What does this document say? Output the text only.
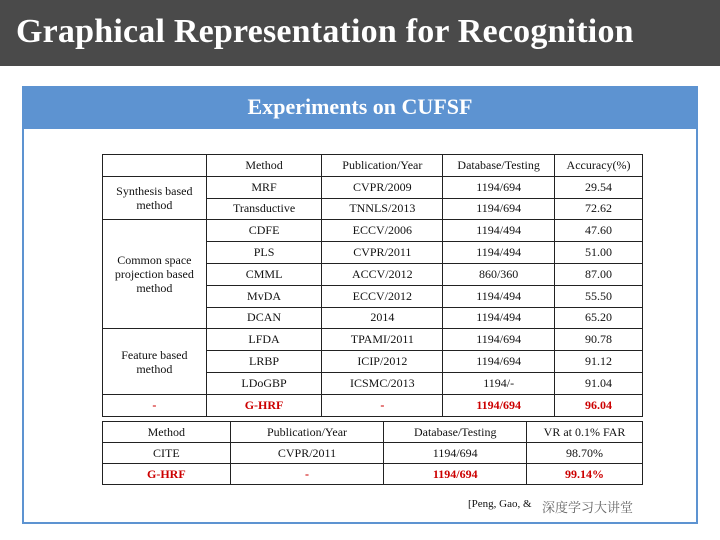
Graphical Representation for Recognition
Experiments on CUFSF
	Method	Publication/Year	Database/Testing	Accuracy(%)
Synthesis based method	MRF	CVPR/2009	1194/694	29.54
	Transductive	TNNLS/2013	1194/694	72.62
Common space projection based method	CDFE	ECCV/2006	1194/494	47.60
	PLS	CVPR/2011	1194/494	51.00
	CMML	ACCV/2012	860/360	87.00
	MvDA	ECCV/2012	1194/494	55.50
	DCAN	2014	1194/494	65.20
Feature based method	LFDA	TPAMI/2011	1194/694	90.78
	LRBP	ICIP/2012	1194/694	91.12
	LDoGBP	ICSMC/2013	1194/-	91.04
-	G-HRF	-	1194/694	96.04
Method	Publication/Year	Database/Testing	VR at 0.1% FAR
CITE	CVPR/2011	1194/694	98.70%
G-HRF	-	1194/694	99.14%
[Peng, Gao, & 深度学习大讲堂
